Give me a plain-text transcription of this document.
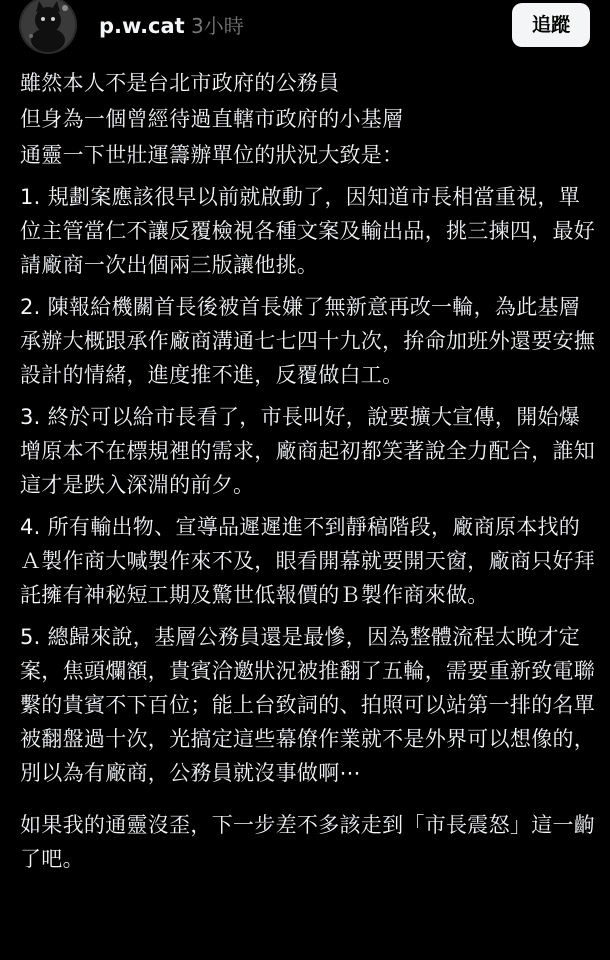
p.w.cat 3小時	追蹤
雖然本人不是台北市政府的公務員
但身為一個曾經待過直轄市政府的小基層
通靈一下世壯運籌辦單位的狀況大致是：
1. 規劃案應該很早以前就啟動了，因知道市長相當重視，單位主管當仁不讓反覆檢視各種文案及輸出品，挑三揀四，最好請廠商一次出個兩三版讓他挑。
2. 陳報給機關首長後被首長嫌了無新意再改一輪，為此基層承辦大概跟承作廠商溝通七七四十九次，拚命加班外還要安撫設計的情緒，進度推不進，反覆做白工。
3. 終於可以給市長看了，市長叫好，說要擴大宣傳，開始爆增原本不在標規裡的需求，廠商起初都笑著說全力配合，誰知這才是跌入深淵的前夕。
4. 所有輸出物、宣導品遲遲進不到靜稿階段，廠商原本找的Ａ製作商大喊製作來不及，眼看開幕就要開天窗，廠商只好拜託擁有神秘短工期及驚世低報價的Ｂ製作商來做。
5. 總歸來說，基層公務員還是最慘，因為整體流程太晚才定案，焦頭爛額，貴賓洽邀狀況被推翻了五輪，需要重新致電聯繫的貴賓不下百位；能上台致詞的、拍照可以站第一排的名單被翻盤過十次，光搞定這些幕僚作業就不是外界可以想像的，別以為有廠商，公務員就沒事做啊⋯
如果我的通靈沒歪，下一步差不多該走到「市長震怒」這一齣了吧。
